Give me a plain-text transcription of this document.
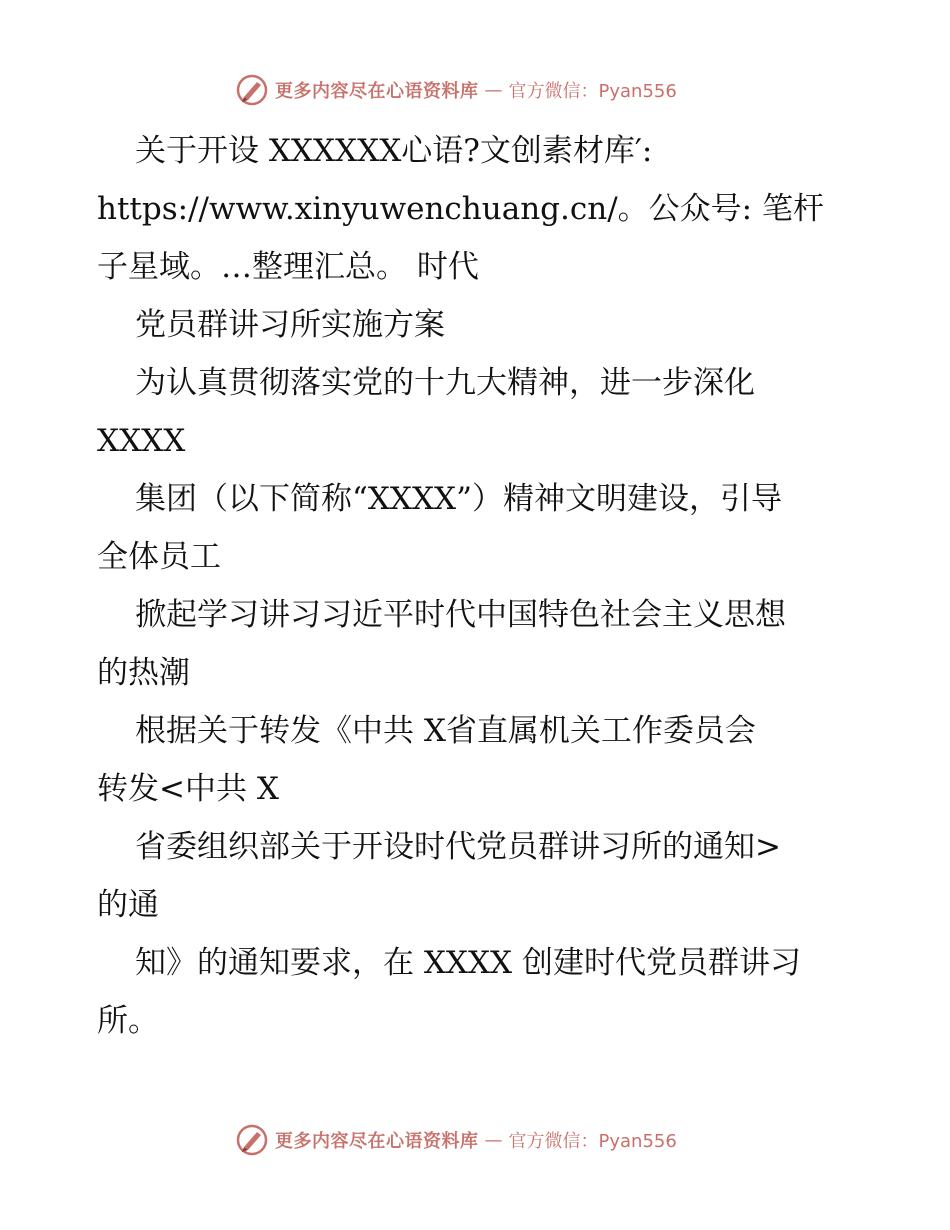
更多内容尽在心语资料库 — 官方微信：Pyan556
关于开设 XXXXXX心语?文创素材库′:
https://www.xinyuwenchuang.cn/。公众号: 笔杆
子星域。…整理汇总。 时代
党员群讲习所实施方案
为认真贯彻落实党的十九大精神，进一步深化
XXXX
集团（以下简称“XXXX”）精神文明建设，引导
全体员工
掀起学习讲习习近平时代中国特色社会主义思想
的热潮
根据关于转发《中共 X省直属机关工作委员会
转发<中共 X
省委组织部关于开设时代党员群讲习所的通知>
的通
知》的通知要求，在 XXXX 创建时代党员群讲习
所。
更多内容尽在心语资料库 — 官方微信：Pyan556
